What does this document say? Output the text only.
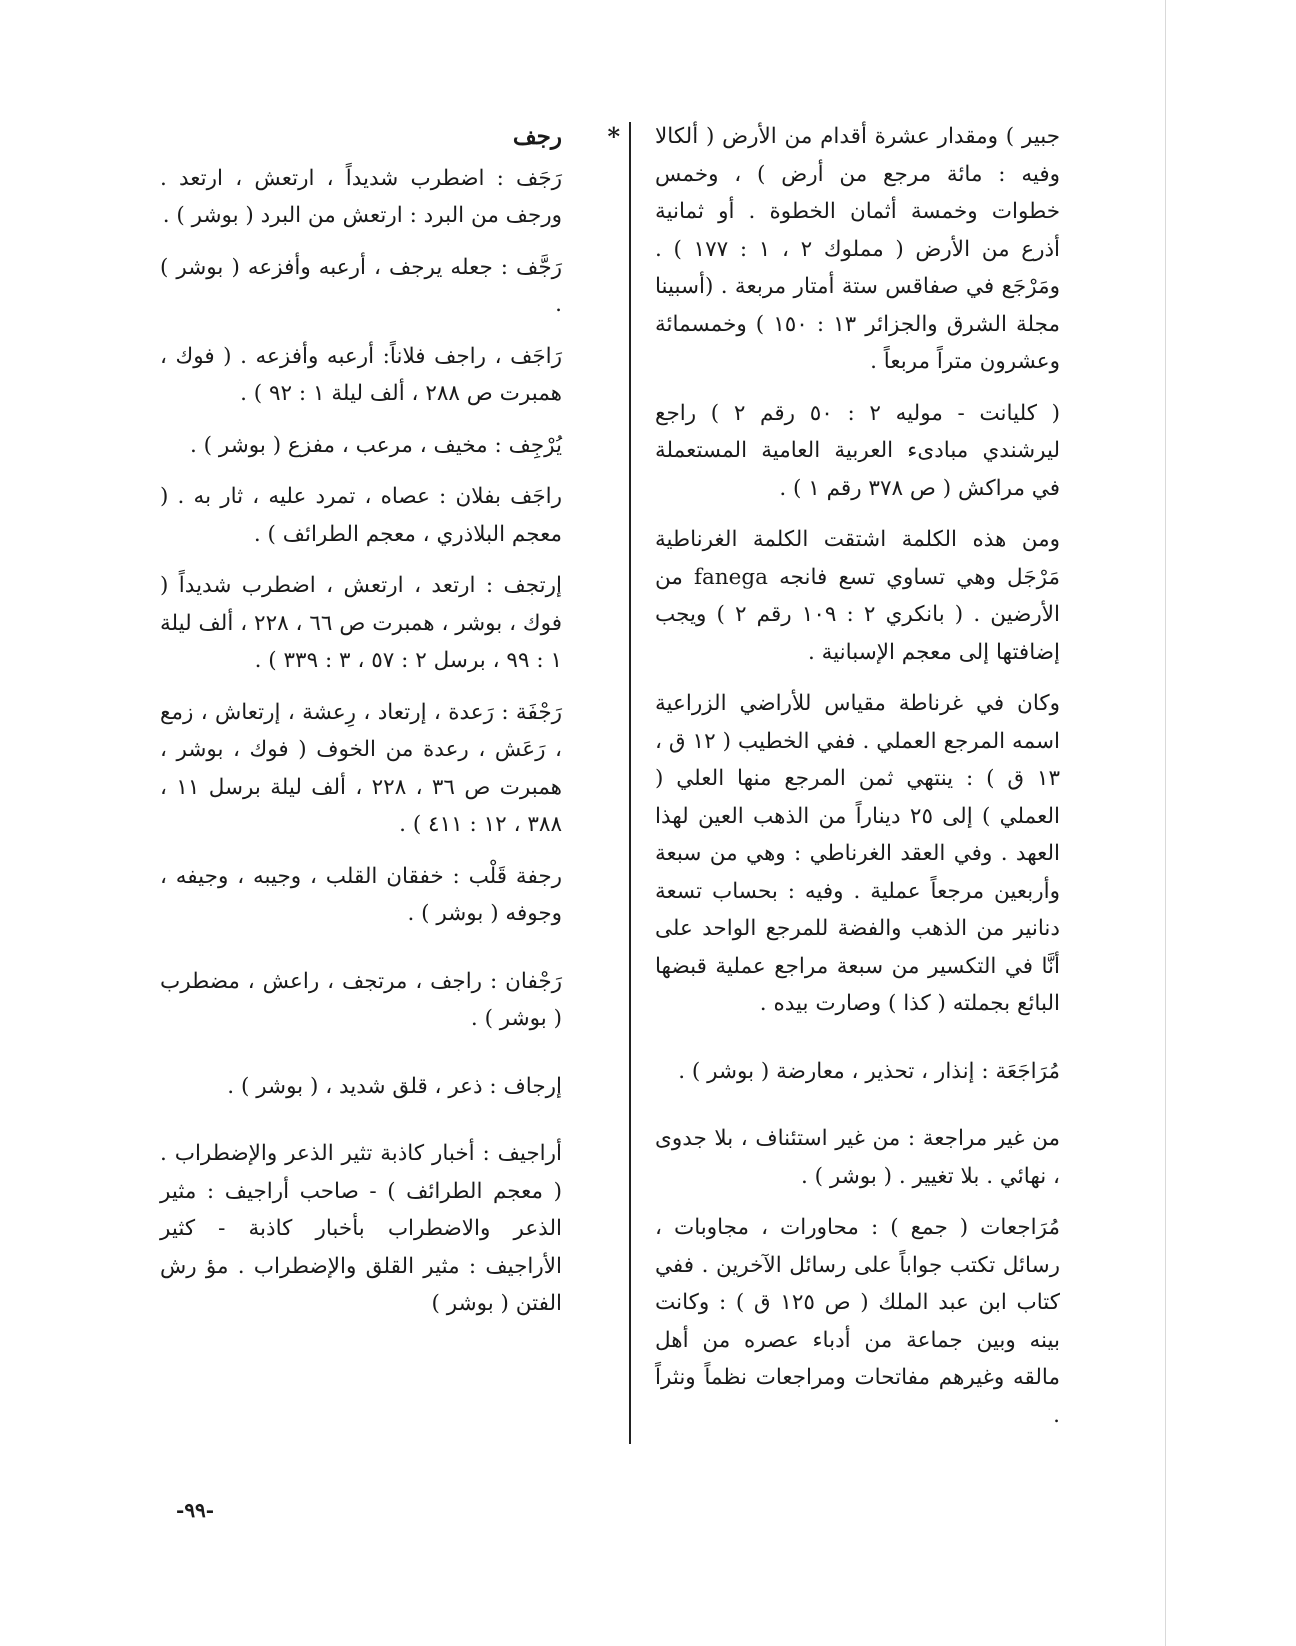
جبير ) ومقدار عشرة أقدام من الأرض ( ألكالا وفيه : مائة مرجع من أرض ) ، وخمس خطوات وخمسة أثمان الخطوة . أو ثمانية أذرع من الأرض ( مملوك ٢ ، ١ : ١٧٧ ) . ومَرْجَع في صفاقس ستة أمتار مربعة . (أسبينا مجلة الشرق والجزائر ١٣ : ١٥٠ ) وخمسمائة وعشرون متراً مربعاً .

( كليانت - موليه ٢ : ٥٠ رقم ٢ ) راجع ليرشندي مبادىء العربية العامية المستعملة في مراكش ( ص ٣٧٨ رقم ١ ) .

ومن هذه الكلمة اشتقت الكلمة الغرناطية مَرْجَل وهي تساوي تسع فانجه fanega من الأرضين . ( بانكري ٢ : ١٠٩ رقم ٢ ) ويجب إضافتها إلى معجم الإسبانية .

وكان في غرناطة مقياس للأراضي الزراعية اسمه المرجع العملي . ففي الخطيب ( ١٢ ق ، ١٣ ق ) : ينتهي ثمن المرجع منها العلي ( العملي ) إلى ٢٥ ديناراً من الذهب العين لهذا العهد . وفي العقد الغرناطي : وهي من سبعة وأربعين مرجعاً عملية . وفيه : بحساب تسعة دنانير من الذهب والفضة للمرجع الواحد على أنَّا في التكسير من سبعة مراجع عملية قبضها البائع بجملته ( كذا ) وصارت بيده .

مُرَاجَعَة : إنذار ، تحذير ، معارضة ( بوشر ) .

من غير مراجعة : من غير استئناف ، بلا جدوى ، نهائي . بلا تغيير . ( بوشر ) .

مُرَاجعات ( جمع ) : محاورات ، مجاوبات ، رسائل تكتب جواباً على رسائل الآخرين . ففي كتاب ابن عبد الملك ( ص ١٢٥ ق ) : وكانت بينه وبين جماعة من أدباء عصره من أهل مالقه وغيرهم مفاتحات ومراجعات نظماً ونثراً .

*
رجف

رَجَف : اضطرب شديداً ، ارتعش ، ارتعد . ورجف من البرد : ارتعش من البرد ( بوشر ) .

رَجَّف : جعله يرجف ، أرعبه وأفزعه ( بوشر ) .

رَاجَف ، راجف فلاناً: أرعبه وأفزعه . ( فوك ، همبرت ص ٢٨٨ ، ألف ليلة ١ : ٩٢ ) .

يُرْجِف : مخيف ، مرعب ، مفزع ( بوشر ) .

راجَف بفلان : عصاه ، تمرد عليه ، ثار به . ( معجم البلاذري ، معجم الطرائف ) .

إرتجف : ارتعد ، ارتعش ، اضطرب شديداً ( فوك ، بوشر ، همبرت ص ٦٦ ، ٢٢٨ ، ألف ليلة ١ : ٩٩ ، برسل ٢ : ٥٧ ، ٣ : ٣٣٩ ) .

رَجْفَة : رَعدة ، إرتعاد ، رِعشة ، إرتعاش ، زمع ، رَعَش ، رعدة من الخوف ( فوك ، بوشر ، همبرت ص ٣٦ ، ٢٢٨ ، ألف ليلة برسل ١١ ، ٣٨٨ ، ١٢ : ٤١١ ) .

رجفة قَلْب : خفقان القلب ، وجيبه ، وجيفه ، وجوفه ( بوشر ) .

رَجْفان : راجف ، مرتجف ، راعش ، مضطرب ( بوشر ) .

إرجاف : ذعر ، قلق شديد ، ( بوشر ) .

أراجيف : أخبار كاذبة تثير الذعر والإضطراب . ( معجم الطرائف ) - صاحب أراجيف : مثير الذعر والاضطراب بأخبار كاذبة - كثير الأراجيف : مثير القلق والإضطراب . مؤ رش الفتن ( بوشر )

-٩٩-
